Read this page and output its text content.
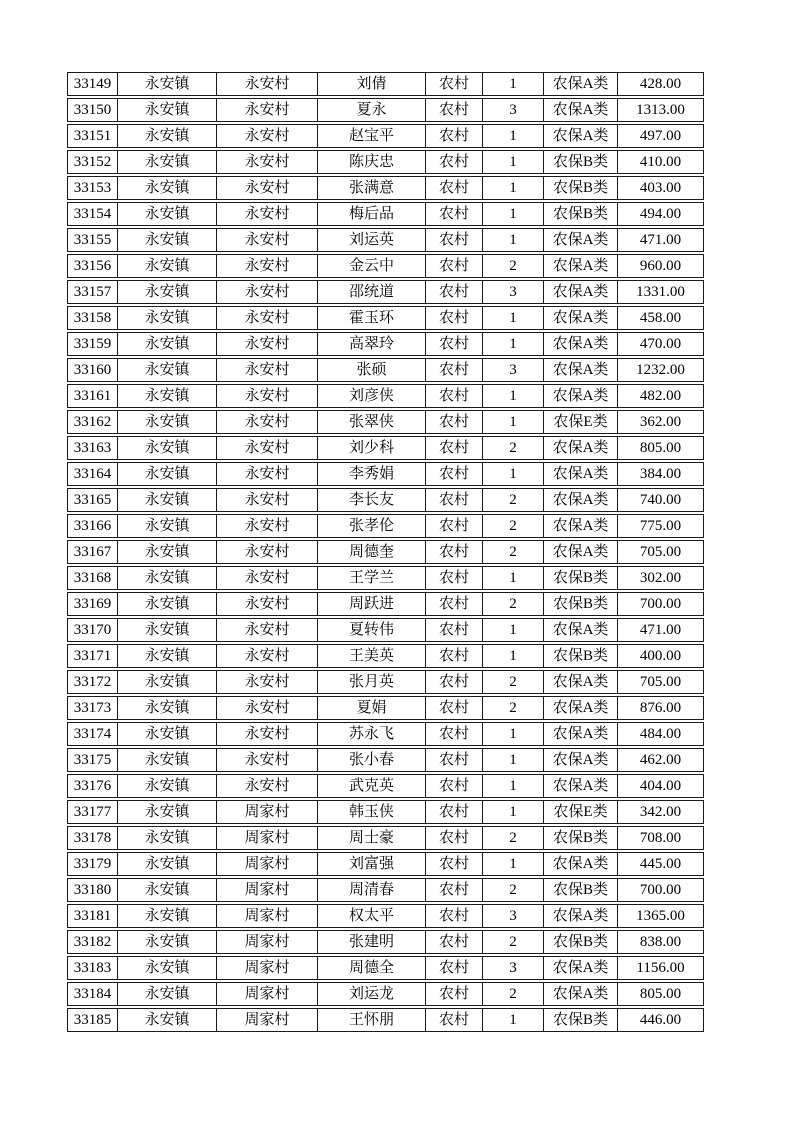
33149	永安镇	永安村	刘倩	农村	1	农保A类	428.00
33150	永安镇	永安村	夏永	农村	3	农保A类	1313.00
33151	永安镇	永安村	赵宝平	农村	1	农保A类	497.00
33152	永安镇	永安村	陈庆忠	农村	1	农保B类	410.00
33153	永安镇	永安村	张满意	农村	1	农保B类	403.00
33154	永安镇	永安村	梅后品	农村	1	农保B类	494.00
33155	永安镇	永安村	刘运英	农村	1	农保A类	471.00
33156	永安镇	永安村	金云中	农村	2	农保A类	960.00
33157	永安镇	永安村	邵统道	农村	3	农保A类	1331.00
33158	永安镇	永安村	霍玉环	农村	1	农保A类	458.00
33159	永安镇	永安村	高翠玲	农村	1	农保A类	470.00
33160	永安镇	永安村	张硕	农村	3	农保A类	1232.00
33161	永安镇	永安村	刘彦侠	农村	1	农保A类	482.00
33162	永安镇	永安村	张翠侠	农村	1	农保E类	362.00
33163	永安镇	永安村	刘少科	农村	2	农保A类	805.00
33164	永安镇	永安村	李秀娟	农村	1	农保A类	384.00
33165	永安镇	永安村	李长友	农村	2	农保A类	740.00
33166	永安镇	永安村	张孝伦	农村	2	农保A类	775.00
33167	永安镇	永安村	周德奎	农村	2	农保A类	705.00
33168	永安镇	永安村	王学兰	农村	1	农保B类	302.00
33169	永安镇	永安村	周跃进	农村	2	农保B类	700.00
33170	永安镇	永安村	夏转伟	农村	1	农保A类	471.00
33171	永安镇	永安村	王美英	农村	1	农保B类	400.00
33172	永安镇	永安村	张月英	农村	2	农保A类	705.00
33173	永安镇	永安村	夏娟	农村	2	农保A类	876.00
33174	永安镇	永安村	苏永飞	农村	1	农保A类	484.00
33175	永安镇	永安村	张小春	农村	1	农保A类	462.00
33176	永安镇	永安村	武克英	农村	1	农保A类	404.00
33177	永安镇	周家村	韩玉侠	农村	1	农保E类	342.00
33178	永安镇	周家村	周士豪	农村	2	农保B类	708.00
33179	永安镇	周家村	刘富强	农村	1	农保A类	445.00
33180	永安镇	周家村	周清春	农村	2	农保B类	700.00
33181	永安镇	周家村	权太平	农村	3	农保A类	1365.00
33182	永安镇	周家村	张建明	农村	2	农保B类	838.00
33183	永安镇	周家村	周德全	农村	3	农保A类	1156.00
33184	永安镇	周家村	刘运龙	农村	2	农保A类	805.00
33185	永安镇	周家村	王怀朋	农村	1	农保B类	446.00
